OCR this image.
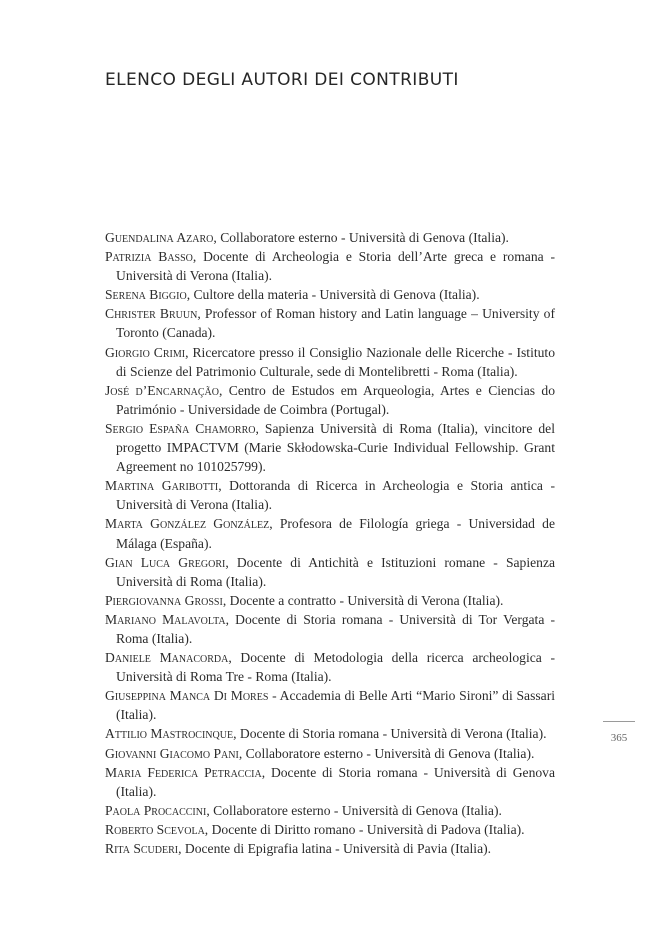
ELENCO DEGLI AUTORI DEI CONTRIBUTI
Guendalina Azaro, Collaboratore esterno - Università di Genova (Italia).
Patrizia Basso, Docente di Archeologia e Storia dell’Arte greca e romana - Università di Verona (Italia).
Serena Biggio, Cultore della materia - Università di Genova (Italia).
Christer Bruun, Professor of Roman history and Latin language – University of Toronto (Canada).
Giorgio Crimi, Ricercatore presso il Consiglio Nazionale delle Ricerche - Istituto di Scienze del Patrimonio Culturale, sede di Montelibretti - Roma (Italia).
José d’Encarnação, Centro de Estudos em Arqueologia, Artes e Ciencias do Património - Universidade de Coimbra (Portugal).
Sergio España Chamorro, Sapienza Università di Roma (Italia), vincitore del progetto IMPACTVM (Marie Skłodowska-Curie Individual Fellowship. Grant Agreement no 101025799).
Martina Garibotti, Dottoranda di Ricerca in Archeologia e Storia antica - Università di Verona (Italia).
Marta González González, Profesora de Filología griega - Universidad de Málaga (España).
Gian Luca Gregori, Docente di Antichità e Istituzioni romane - Sapienza Università di Roma (Italia).
Piergiovanna Grossi, Docente a contratto - Università di Verona (Italia).
Mariano Malavolta, Docente di Storia romana - Università di Tor Vergata - Roma (Italia).
Daniele Manacorda, Docente di Metodologia della ricerca archeologica - Università di Roma Tre - Roma (Italia).
Giuseppina Manca Di Mores - Accademia di Belle Arti “Mario Sironi” di Sassari (Italia).
Attilio Mastrocinque, Docente di Storia romana - Università di Verona (Italia).
Giovanni Giacomo Pani, Collaboratore esterno - Università di Genova (Italia).
Maria Federica Petraccia, Docente di Storia romana - Università di Genova (Italia).
Paola Procaccini, Collaboratore esterno - Università di Genova (Italia).
Roberto Scevola, Docente di Diritto romano - Università di Padova (Italia).
Rita Scuderi, Docente di Epigrafia latina - Università di Pavia (Italia).
365
